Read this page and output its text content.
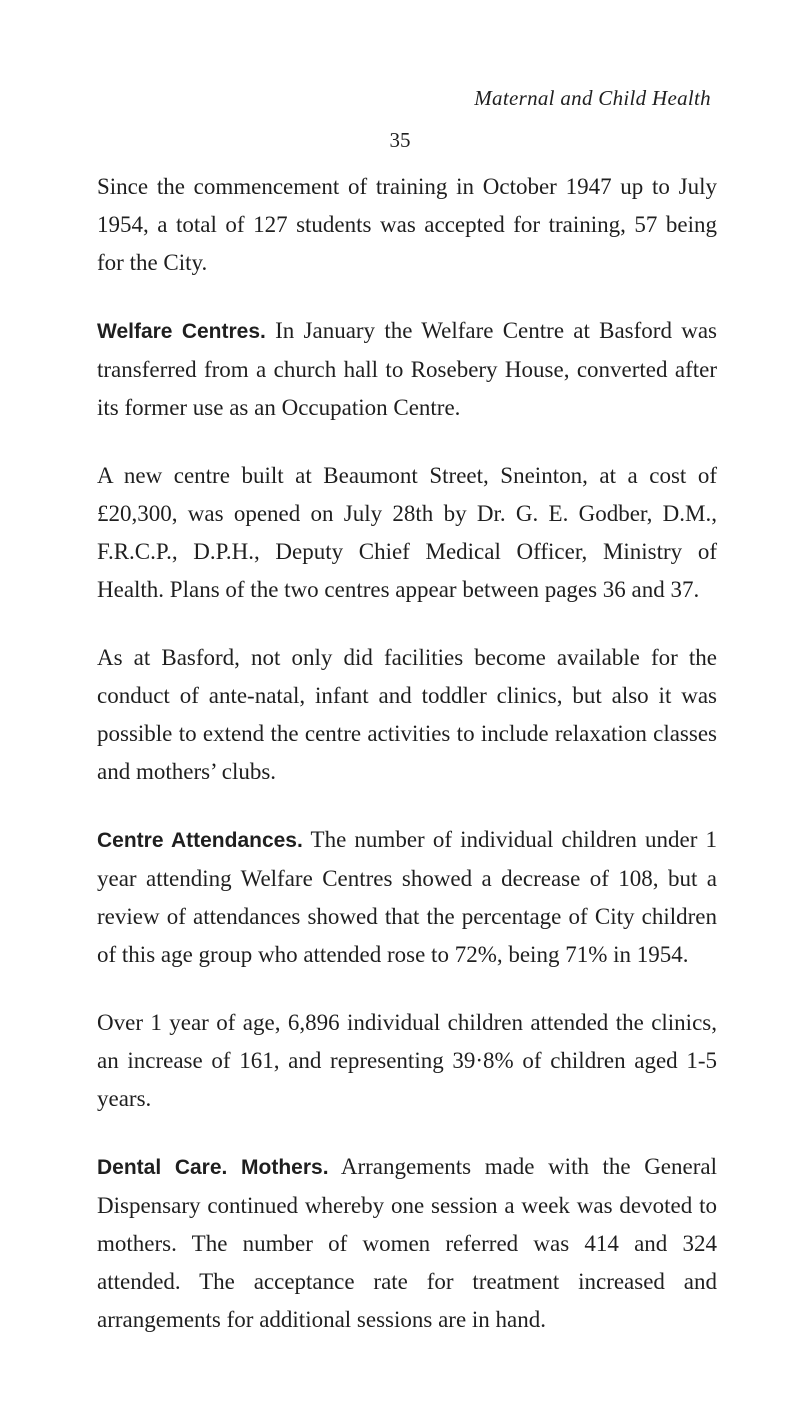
Maternal and Child Health
35

Since the commencement of training in October 1947 up to July 1954, a total of 127 students was accepted for training, 57 being for the City.

Welfare Centres. In January the Welfare Centre at Basford was transferred from a church hall to Rosebery House, converted after its former use as an Occupation Centre.

A new centre built at Beaumont Street, Sneinton, at a cost of £20,300, was opened on July 28th by Dr. G. E. Godber, D.M., F.R.C.P., D.P.H., Deputy Chief Medical Officer, Ministry of Health. Plans of the two centres appear between pages 36 and 37.

As at Basford, not only did facilities become available for the conduct of ante-natal, infant and toddler clinics, but also it was possible to extend the centre activities to include relaxation classes and mothers’ clubs.

Centre Attendances. The number of individual children under 1 year attending Welfare Centres showed a decrease of 108, but a review of attendances showed that the percentage of City children of this age group who attended rose to 72%, being 71% in 1954.

Over 1 year of age, 6,896 individual children attended the clinics, an increase of 161, and representing 39·8% of children aged 1-5 years.

Dental Care. Mothers. Arrangements made with the General Dispensary continued whereby one session a week was devoted to mothers. The number of women referred was 414 and 324 attended. The acceptance rate for treatment increased and arrangements for additional sessions are in hand.
